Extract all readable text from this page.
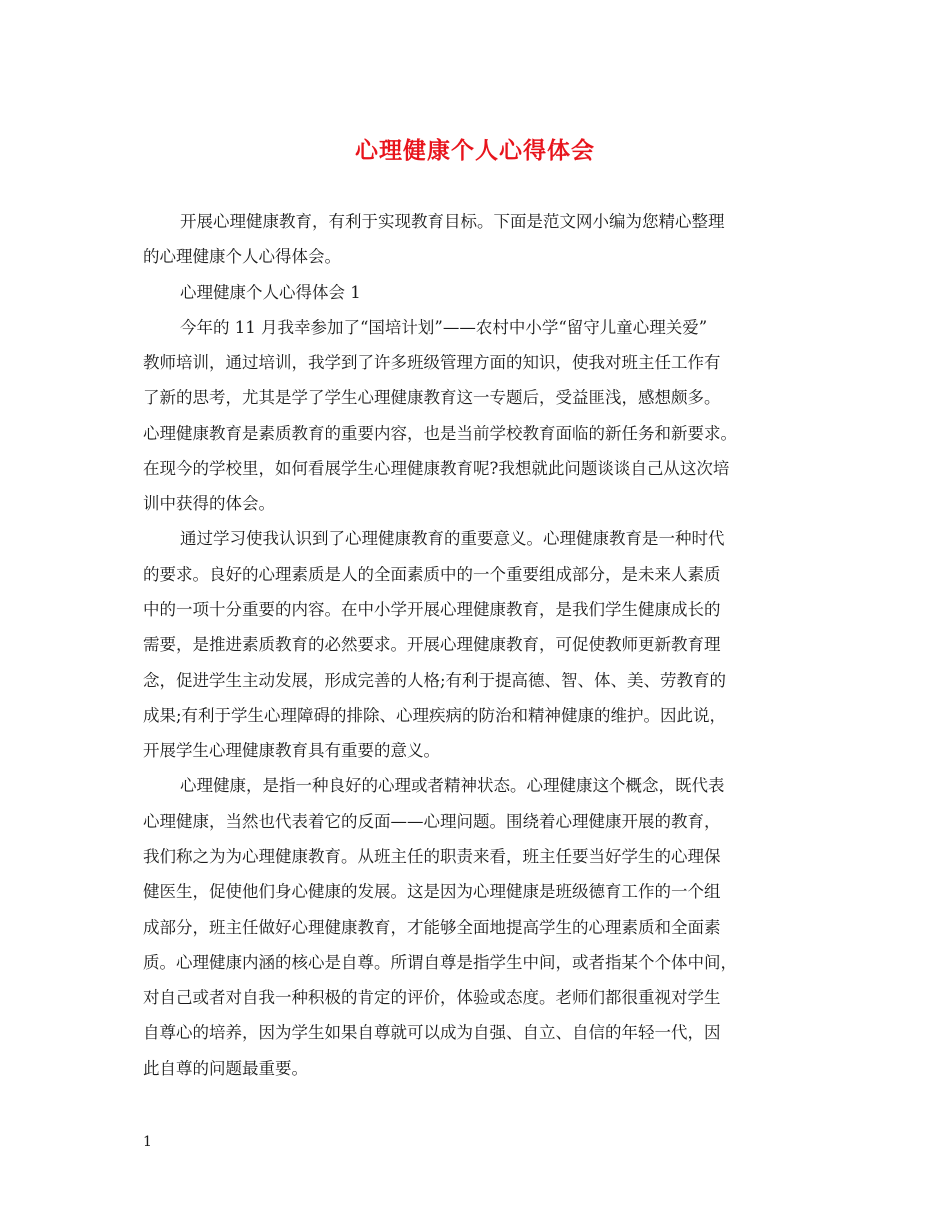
心理健康个人心得体会
开展心理健康教育，有利于实现教育目标。下面是范文网小编为您精心整理
的心理健康个人心得体会。
心理健康个人心得体会 1
今年的 11 月我幸参加了“国培计划”——农村中小学“留守儿童心理关爱”
教师培训，通过培训，我学到了许多班级管理方面的知识，使我对班主任工作有
了新的思考，尤其是学了学生心理健康教育这一专题后，受益匪浅，感想颇多。
心理健康教育是素质教育的重要内容，也是当前学校教育面临的新任务和新要求。
在现今的学校里，如何看展学生心理健康教育呢?我想就此问题谈谈自己从这次培
训中获得的体会。
通过学习使我认识到了心理健康教育的重要意义。心理健康教育是一种时代
的要求。良好的心理素质是人的全面素质中的一个重要组成部分，是未来人素质
中的一项十分重要的内容。在中小学开展心理健康教育，是我们学生健康成长的
需要，是推进素质教育的必然要求。开展心理健康教育，可促使教师更新教育理
念，促进学生主动发展，形成完善的人格;有利于提高德、智、体、美、劳教育的
成果;有利于学生心理障碍的排除、心理疾病的防治和精神健康的维护。因此说，
开展学生心理健康教育具有重要的意义。
心理健康，是指一种良好的心理或者精神状态。心理健康这个概念，既代表
心理健康，当然也代表着它的反面——心理问题。围绕着心理健康开展的教育，
我们称之为为心理健康教育。从班主任的职责来看，班主任要当好学生的心理保
健医生，促使他们身心健康的发展。这是因为心理健康是班级德育工作的一个组
成部分，班主任做好心理健康教育，才能够全面地提高学生的心理素质和全面素
质。心理健康内涵的核心是自尊。所谓自尊是指学生中间，或者指某个个体中间，
对自己或者对自我一种积极的肯定的评价，体验或态度。老师们都很重视对学生
自尊心的培养，因为学生如果自尊就可以成为自强、自立、自信的年轻一代，因
此自尊的问题最重要。
1
